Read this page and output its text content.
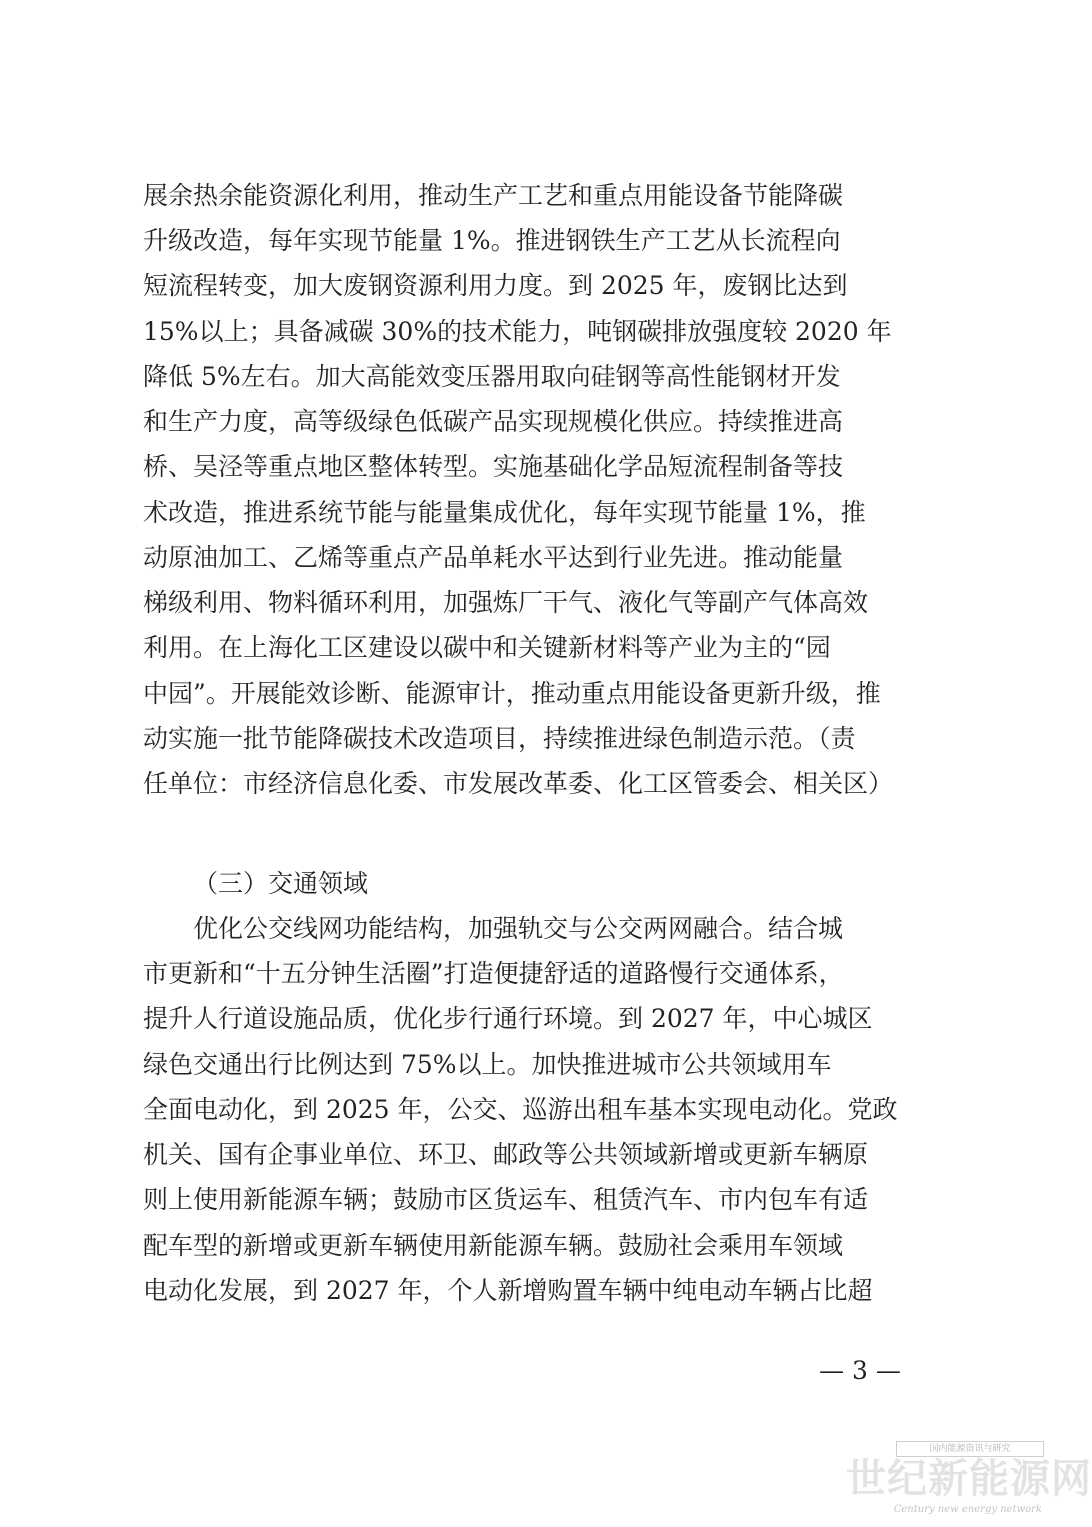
展余热余能资源化利用，推动生产工艺和重点用能设备节能降碳
升级改造，每年实现节能量 1%。推进钢铁生产工艺从长流程向
短流程转变，加大废钢资源利用力度。到 2025 年，废钢比达到
15%以上；具备减碳 30%的技术能力，吨钢碳排放强度较 2020 年
降低 5%左右。加大高能效变压器用取向硅钢等高性能钢材开发
和生产力度，高等级绿色低碳产品实现规模化供应。持续推进高
桥、吴泾等重点地区整体转型。实施基础化学品短流程制备等技
术改造，推进系统节能与能量集成优化，每年实现节能量 1%，推
动原油加工、乙烯等重点产品单耗水平达到行业先进。推动能量
梯级利用、物料循环利用，加强炼厂干气、液化气等副产气体高效
利用。在上海化工区建设以碳中和关键新材料等产业为主的“园
中园”。开展能效诊断、能源审计，推动重点用能设备更新升级，推
动实施一批节能降碳技术改造项目，持续推进绿色制造示范。（责
任单位：市经济信息化委、市发展改革委、化工区管委会、相关区）
（三）交通领域
优化公交线网功能结构，加强轨交与公交两网融合。结合城
市更新和“十五分钟生活圈”打造便捷舒适的道路慢行交通体系，
提升人行道设施品质，优化步行通行环境。到 2027 年，中心城区
绿色交通出行比例达到 75%以上。加快推进城市公共领域用车
全面电动化，到 2025 年，公交、巡游出租车基本实现电动化。党政
机关、国有企事业单位、环卫、邮政等公共领域新增或更新车辆原
则上使用新能源车辆；鼓励市区货运车、租赁汽车、市内包车有适
配车型的新增或更新车辆使用新能源车辆。鼓励社会乘用车领域
电动化发展，到 2027 年，个人新增购置车辆中纯电动车辆占比超
— 3 —
国内能源资讯与研究
世纪新能源网
Century new energy network
